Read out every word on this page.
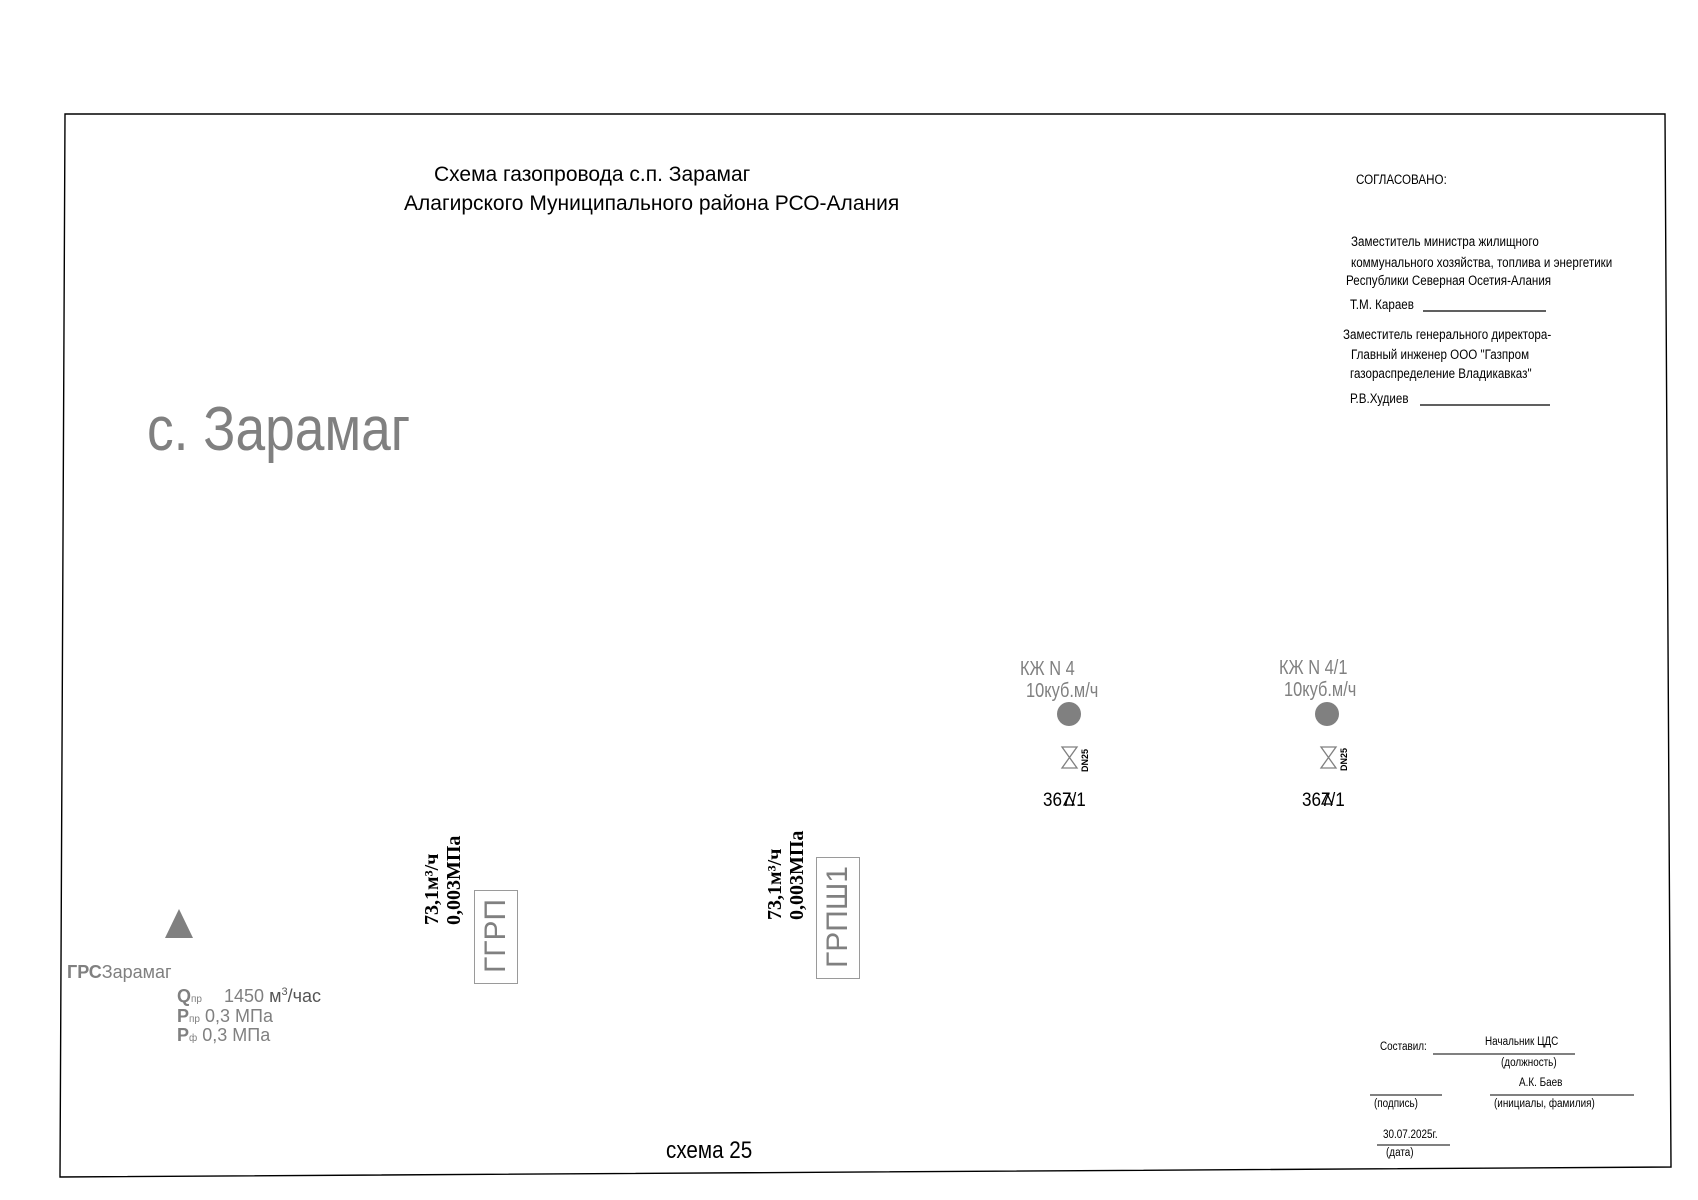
Схема газопровода с.п. Зарамаг
Алагирского Муниципального района РСО-Алания
с. Зарамаг
СОГЛАСОВАНО:
Заместитель министра жилищного
коммунального хозяйства, топлива и энергетики
Республики Северная Осетия-Алания
Т.М. Караев
Заместитель генерального директора-
Главный инженер ООО "Газпром
газораспределение Владикавказ"
Р.В.Худиев
КЖ N 4
10куб.м/ч
367/1
DN25
КЖ N 4/1
10куб.м/ч
367/1
DN25
73,1м³/ч 0,003МПа
ГГРП
73,1м³/ч 0,003МПа ГРПШ1
ГРСЗарамаг
Qпр 1450 $м^3$/час
Pпр 0,3 МПа
Pф 0,3 МПа
схема 25
Составил:	Начальник ЦДС
(должность)
А.К. Баев
(подпись)	(инициалы, фамилия)
30.07.2025г.
(дата)
